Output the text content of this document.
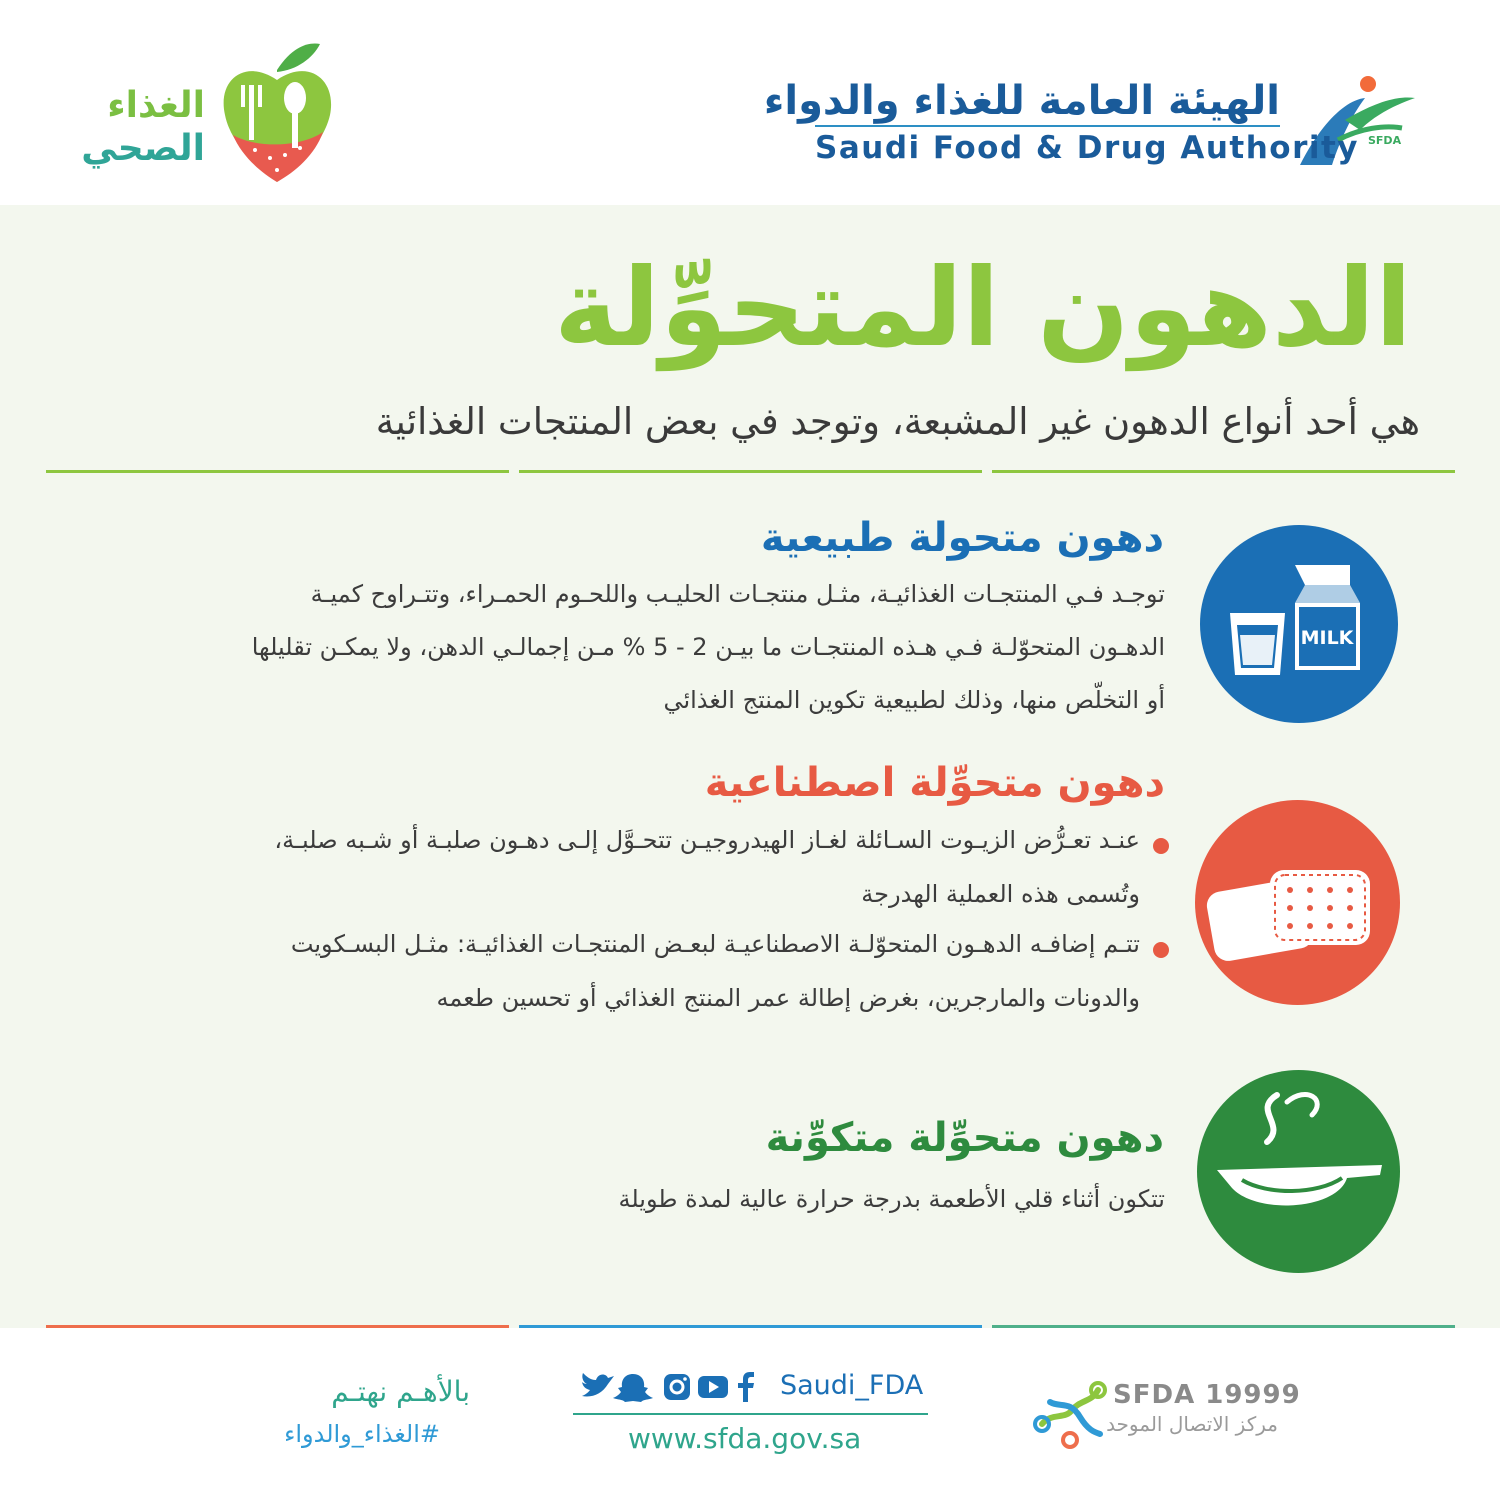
SFDA
الهيئة العامة للغذاء والدواء
Saudi Food & Drug Authority
الغذاء
الصحي
الدهون المتحوِّلة
هي أحد أنواع الدهون غير المشبعة، وتوجد في بعض المنتجات الغذائية
MILK
دهون متحولة طبيعية
توجـد فـي المنتجـات الغذائيـة، مثـل منتجـات الحليـب واللحـوم الحمـراء، وتتـراوح كميـة
الدهـون المتحوّلـة فـي هـذه المنتجـات ما بيـن 2 - 5 % مـن إجمالـي الدهن، ولا يمكـن تقليلها
أو التخلّص منها، وذلك لطبيعية تكوين المنتج الغذائي
دهون متحوِّلة اصطناعية
عنـد تعـرُّض الزيـوت السـائلة لغـاز الهيدروجيـن تتحـوَّل إلـى دهـون صلبـة أو شـبه صلبـة،
وتُسمى هذه العملية الهدرجة
تتـم إضافـه الدهـون المتحوّلـة الاصطناعيـة لبعـض المنتجـات الغذائيـة: مثـل البسـكويت
والدونات والمارجرين، بغرض إطالة عمر المنتج الغذائي أو تحسين طعمه
دهون متحوِّلة متكوِّنة
تتكون أثناء قلي الأطعمة بدرجة حرارة عالية لمدة طويلة
بالأهـم نهتـم
#الغذاء_والدواء
Saudi_FDA
www.sfda.gov.sa
SFDA 19999
مركز الاتصال الموحد
